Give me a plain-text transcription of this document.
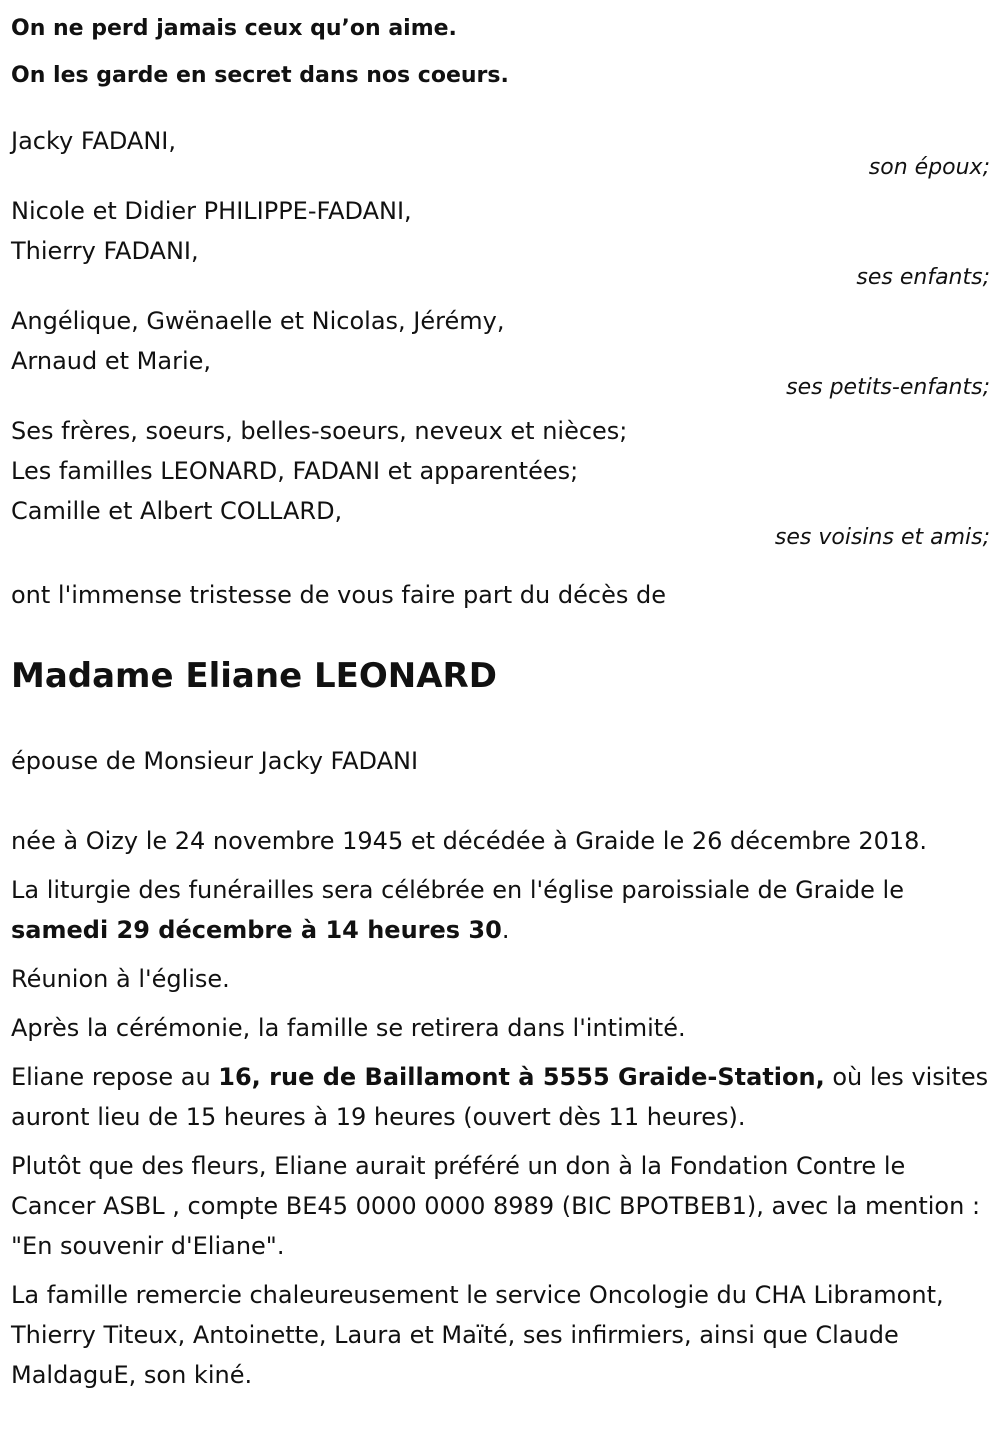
On ne perd jamais ceux qu’on aime.
On les garde en secret dans nos coeurs.
Jacky FADANI,
son époux;
Nicole et Didier PHILIPPE-FADANI,
Thierry FADANI,
ses enfants;
Angélique, Gwënaelle et Nicolas, Jérémy,
Arnaud et Marie,
ses petits-enfants;
Ses frères, soeurs, belles-soeurs, neveux et nièces;
Les familles LEONARD, FADANI et apparentées;
Camille et Albert COLLARD,
ses voisins et amis;
ont l'immense tristesse de vous faire part du décès de
Madame Eliane LEONARD
épouse de Monsieur Jacky FADANI

née à Oizy le 24 novembre 1945 et décédée à Graide le 26 décembre 2018.

La liturgie des funérailles sera célébrée en l'église paroissiale de Graide le samedi 29 décembre à 14 heures 30.

Réunion à l'église.

Après la cérémonie, la famille se retirera dans l'intimité.

Eliane repose au 16, rue de Baillamont à 5555 Graide-Station, où les visites auront lieu de 15 heures à 19 heures (ouvert dès 11 heures).

Plutôt que des fleurs, Eliane aurait préféré un don à la Fondation Contre le Cancer ASBL , compte BE45 0000 0000 8989 (BIC BPOTBEB1), avec la mention : "En souvenir d'Eliane".

La famille remercie chaleureusement le service Oncologie du CHA Libramont, Thierry Titeux, Antoinette, Laura et Maïté, ses infirmiers, ainsi que Claude MaldaguE, son kiné.
